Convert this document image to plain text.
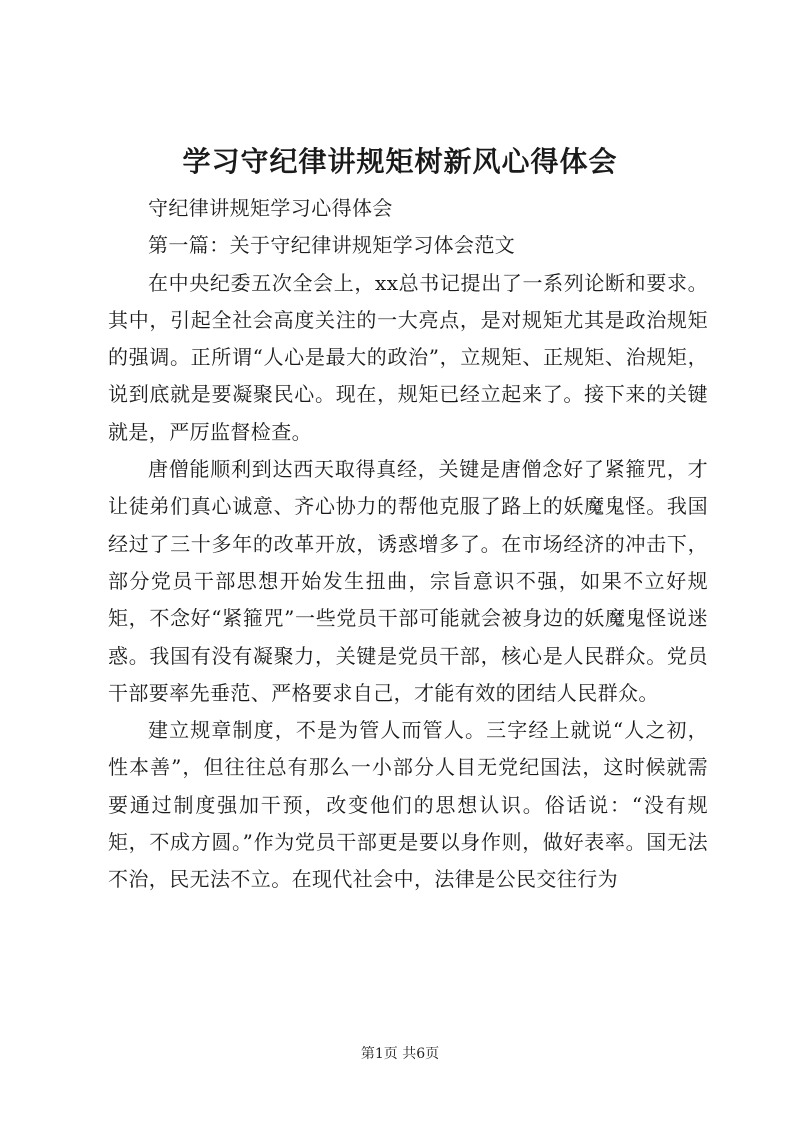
学习守纪律讲规矩树新风心得体会

守纪律讲规矩学习心得体会

第一篇：关于守纪律讲规矩学习体会范文

在中央纪委五次全会上，xx总书记提出了一系列论断和要求。其中，引起全社会高度关注的一大亮点，是对规矩尤其是政治规矩的强调。正所谓“人心是最大的政治”，立规矩、正规矩、治规矩，说到底就是要凝聚民心。现在，规矩已经立起来了。接下来的关键就是，严厉监督检查。

唐僧能顺利到达西天取得真经，关键是唐僧念好了紧箍咒，才让徒弟们真心诚意、齐心协力的帮他克服了路上的妖魔鬼怪。我国经过了三十多年的改革开放，诱惑增多了。在市场经济的冲击下，部分党员干部思想开始发生扭曲，宗旨意识不强，如果不立好规矩，不念好“紧箍咒”一些党员干部可能就会被身边的妖魔鬼怪说迷惑。我国有没有凝聚力，关键是党员干部，核心是人民群众。党员干部要率先垂范、严格要求自己，才能有效的团结人民群众。

建立规章制度，不是为管人而管人。三字经上就说“人之初，性本善”，但往往总有那么一小部分人目无党纪国法，这时候就需要通过制度强加干预，改变他们的思想认识。俗话说：“没有规矩，不成方圆。”作为党员干部更是要以身作则，做好表率。国无法不治，民无法不立。在现代社会中，法律是公民交往行为

第1页 共6页
